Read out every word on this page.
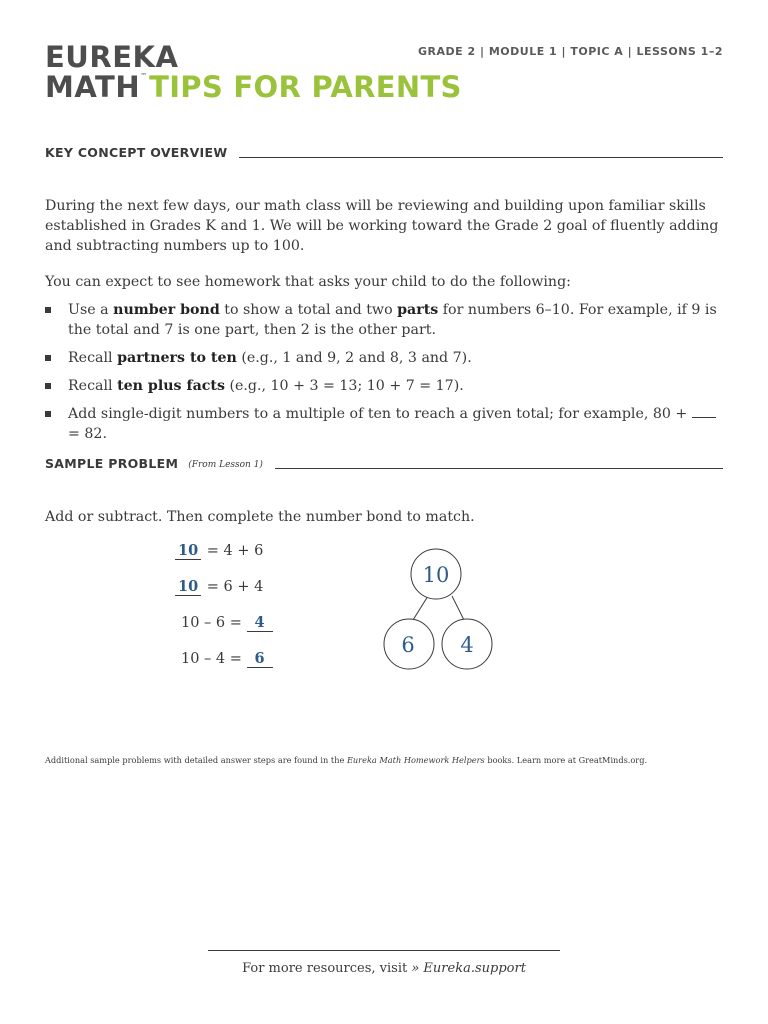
EUREKA
MATH™TIPS FOR PARENTS
GRADE 2 | MODULE 1 | TOPIC A | LESSONS 1–2
KEY CONCEPT OVERVIEW
During the next few days, our math class will be reviewing and building upon familiar skills established in Grades K and 1. We will be working toward the Grade 2 goal of fluently adding and subtracting numbers up to 100.
You can expect to see homework that asks your child to do the following:
Use a number bond to show a total and two parts for numbers 6–10. For example, if 9 is the total and 7 is one part, then 2 is the other part.
Recall partners to ten (e.g., 1 and 9, 2 and 8, 3 and 7).
Recall ten plus facts (e.g., 10 + 3 = 13; 10 + 7 = 17).
Add single-digit numbers to a multiple of ten to reach a given total; for example, 80 +  = 82.
SAMPLE PROBLEM (From Lesson 1)
Add or subtract. Then complete the number bond to match.
10 = 4 + 6
10 = 6 + 4
10 – 6 = 4
10 – 4 = 6
10
6 4
Additional sample problems with detailed answer steps are found in the Eureka Math Homework Helpers books. Learn more at GreatMinds.org.
For more resources, visit » Eureka.support
